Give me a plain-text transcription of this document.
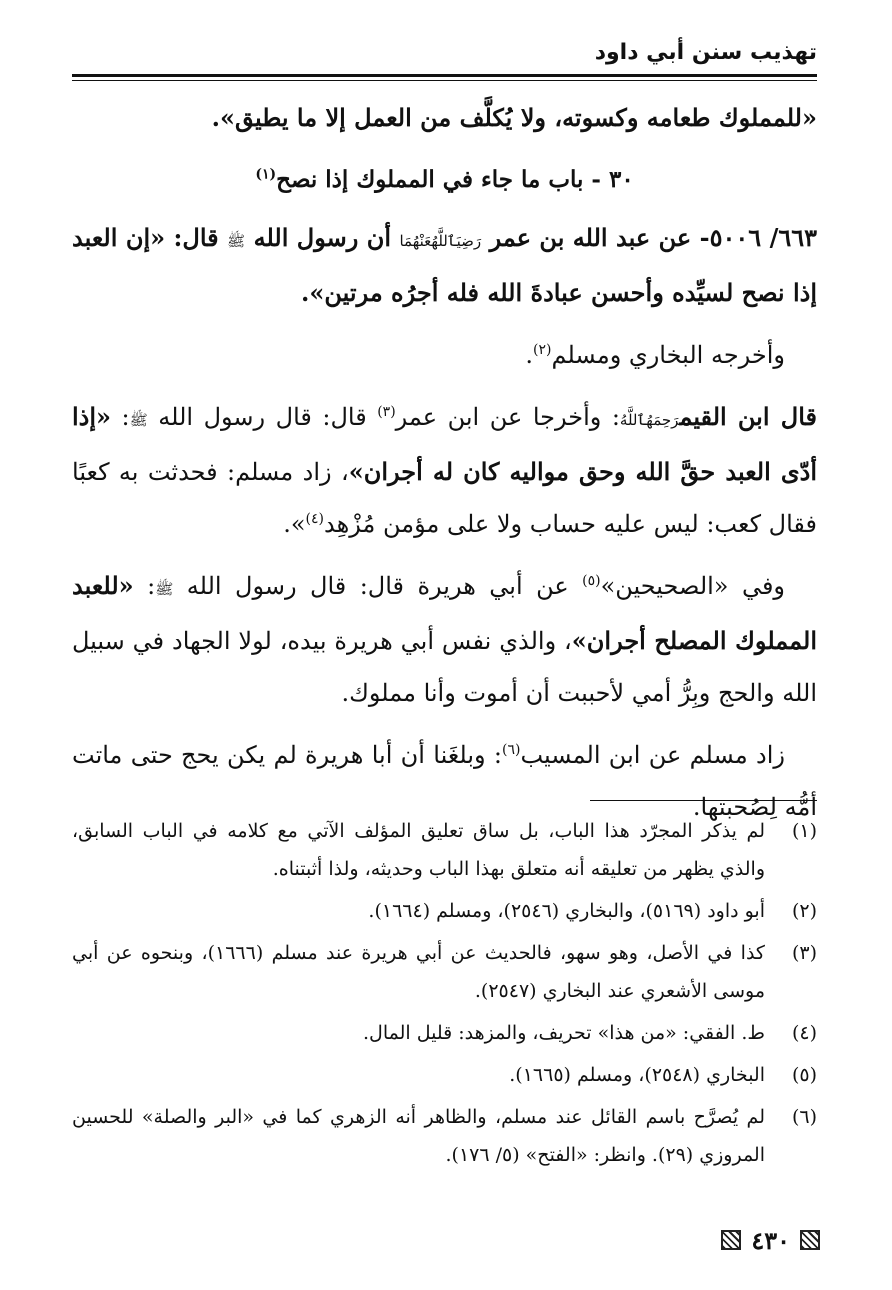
تهذيب سنن أبي داود

«للمملوك طعامه وكسوته، ولا يُكلَّف من العمل إلا ما يطيق».

٣٠ - باب ما جاء في المملوك إذا نصح$^{(١)}$

٦٦٣/ ٥٠٠٦- عن عبد الله بن عمر رَضِيَٱللَّهُعَنْهُمَا أن رسول الله ﷺ قال: «إن العبد إذا نصح لسيِّده وأحسن عبادةَ الله فله أجرُه مرتين».

وأخرجه البخاري ومسلم$^{(٢)}$.

قال ابن القيمرَحِمَهُٱللَّهُ: وأخرجا عن ابن عمر$^{(٣)}$ قال: قال رسول الله ﷺ: «إذا أدّى العبد حقَّ الله وحق مواليه كان له أجران»، زاد مسلم: فحدثت به كعبًا فقال كعب: ليس عليه حساب ولا على مؤمن مُزْهِد$^{(٤)}$».

وفي «الصحيحين»$^{(٥)}$ عن أبي هريرة قال: قال رسول الله ﷺ: «للعبد المملوك المصلح أجران»، والذي نفس أبي هريرة بيده، لولا الجهاد في سبيل الله والحج وبِرُّ أمي لأحببت أن أموت وأنا مملوك.

زاد مسلم عن ابن المسيب$^{(٦)}$: وبلغَنا أن أبا هريرة لم يكن يحج حتى ماتت أمُّه لِصُحبتها.

(١)
لم يذكر المجرّد هذا الباب، بل ساق تعليق المؤلف الآتي مع كلامه في الباب السابق، والذي يظهر من تعليقه أنه متعلق بهذا الباب وحديثه، ولذا أثبتناه.
(٢)
أبو داود (٥١٦٩)، والبخاري (٢٥٤٦)، ومسلم (١٦٦٤).
(٣)
كذا في الأصل، وهو سهو، فالحديث عن أبي هريرة عند مسلم (١٦٦٦)، وبنحوه عن أبي موسى الأشعري عند البخاري (٢٥٤٧).
(٤)
ط. الفقي: «من هذا» تحريف، والمزهد: قليل المال.
(٥)
البخاري (٢٥٤٨)، ومسلم (١٦٦٥).
(٦)
لم يُصرَّح باسم القائل عند مسلم، والظاهر أنه الزهري كما في «البر والصلة» للحسين المروزي (٢٩). وانظر: «الفتح» (٥/ ١٧٦).
٤٣٠
